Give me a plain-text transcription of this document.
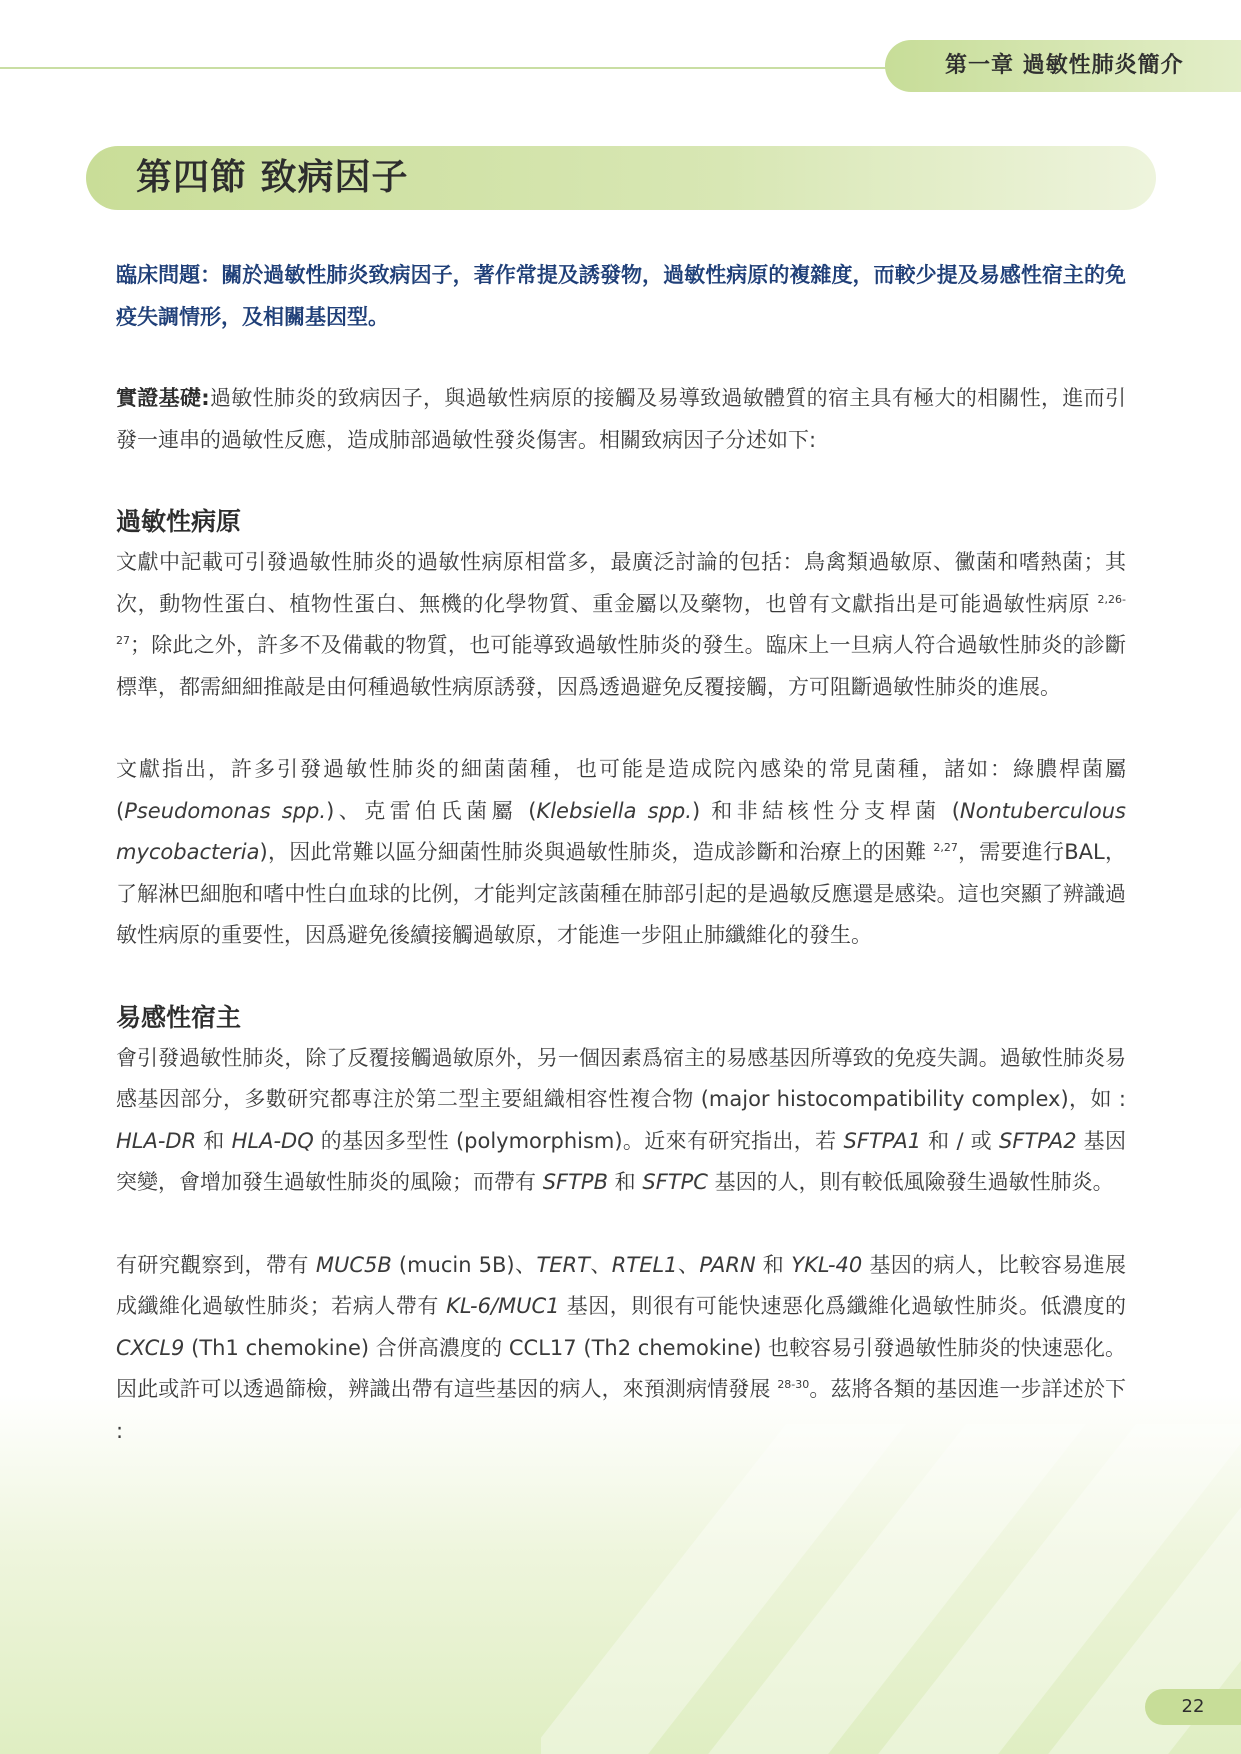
第一章 過敏性肺炎簡介
第四節 致病因子

臨床問題：關於過敏性肺炎致病因子，著作常提及誘發物，過敏性病原的複雜度，而較少提及易感性宿主的免疫失調情形，及相關基因型。

實證基礎:過敏性肺炎的致病因子，與過敏性病原的接觸及易導致過敏體質的宿主具有極大的相關性，進而引發一連串的過敏性反應，造成肺部過敏性發炎傷害。相關致病因子分述如下:

過敏性病原

文獻中記載可引發過敏性肺炎的過敏性病原相當多，最廣泛討論的包括：鳥禽類過敏原、黴菌和嗜熱菌；其次，動物性蛋白、植物性蛋白、無機的化學物質、重金屬以及藥物，也曾有文獻指出是可能過敏性病原 $^{2,26-27}$；除此之外，許多不及備載的物質，也可能導致過敏性肺炎的發生。臨床上一旦病人符合過敏性肺炎的診斷標準，都需細細推敲是由何種過敏性病原誘發，因爲透過避免反覆接觸，方可阻斷過敏性肺炎的進展。

文獻指出，許多引發過敏性肺炎的細菌菌種，也可能是造成院內感染的常見菌種，諸如：綠膿桿菌屬 (Pseudomonas spp.)、克雷伯氏菌屬 (Klebsiella spp.) 和非結核性分支桿菌 (Nontuberculous mycobacteria)，因此常難以區分細菌性肺炎與過敏性肺炎，造成診斷和治療上的困難 $^{2,27}$，需要進行BAL，了解淋巴細胞和嗜中性白血球的比例，才能判定該菌種在肺部引起的是過敏反應還是感染。這也突顯了辨識過敏性病原的重要性，因爲避免後續接觸過敏原，才能進一步阻止肺纖維化的發生。

易感性宿主

會引發過敏性肺炎，除了反覆接觸過敏原外，另一個因素爲宿主的易感基因所導致的免疫失調。過敏性肺炎易感基因部分，多數研究都專注於第二型主要組織相容性複合物 (major histocompatibility complex)，如 : HLA-DR 和 HLA-DQ 的基因多型性 (polymorphism)。近來有研究指出，若 SFTPA1 和 / 或 SFTPA2 基因突變，會增加發生過敏性肺炎的風險；而帶有 SFTPB 和 SFTPC 基因的人，則有較低風險發生過敏性肺炎。

有研究觀察到，帶有 MUC5B (mucin 5B)、TERT、RTEL1、PARN 和 YKL-40 基因的病人，比較容易進展成纖維化過敏性肺炎；若病人帶有 KL-6/MUC1 基因，則很有可能快速惡化爲纖維化過敏性肺炎。低濃度的 CXCL9 (Th1 chemokine) 合併高濃度的 CCL17 (Th2 chemokine) 也較容易引發過敏性肺炎的快速惡化。因此或許可以透過篩檢，辨識出帶有這些基因的病人，來預測病情發展 $^{28-30}$。茲將各類的基因進一步詳述於下 :

22
